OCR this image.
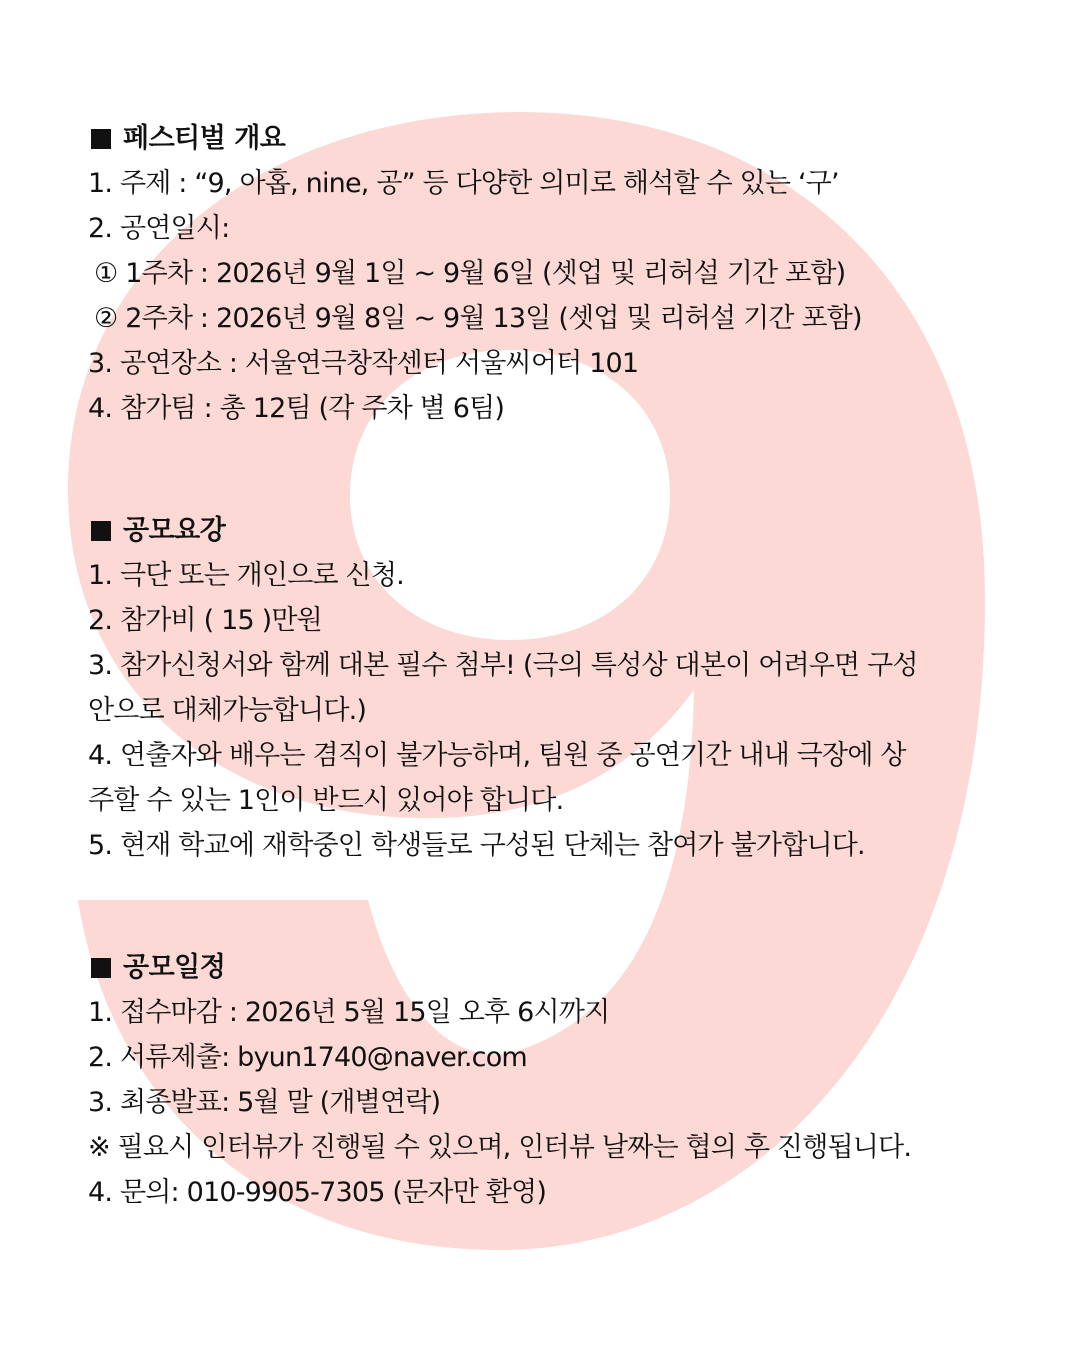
페스티벌 개요
1. 주제 : “9, 아홉, nine, 공” 등 다양한 의미로 해석할 수 있는 ‘구’
2. 공연일시:
① 1주차 : 2026년 9월 1일 ~ 9월 6일 (셋업 및 리허설 기간 포함)
② 2주차 : 2026년 9월 8일 ~ 9월 13일 (셋업 및 리허설 기간 포함)
3. 공연장소 : 서울연극창작센터 서울씨어터 101
4. 참가팀 : 총 12팀 (각 주차 별 6팀)
공모요강
1. 극단 또는 개인으로 신청.
2. 참가비 ( 15 )만원
3. 참가신청서와 함께 대본 필수 첨부! (극의 특성상 대본이 어려우면 구성
안으로 대체가능합니다.)
4. 연출자와 배우는 겸직이 불가능하며, 팀원 중 공연기간 내내 극장에 상
주할 수 있는 1인이 반드시 있어야 합니다.
5. 현재 학교에 재학중인 학생들로 구성된 단체는 참여가 불가합니다.
공모일정
1. 접수마감 : 2026년 5월 15일 오후 6시까지
2. 서류제출: byun1740@naver.com
3. 최종발표: 5월 말 (개별연락)
※ 필요시 인터뷰가 진행될 수 있으며, 인터뷰 날짜는 협의 후 진행됩니다.
4. 문의: 010-9905-7305 (문자만 환영)
